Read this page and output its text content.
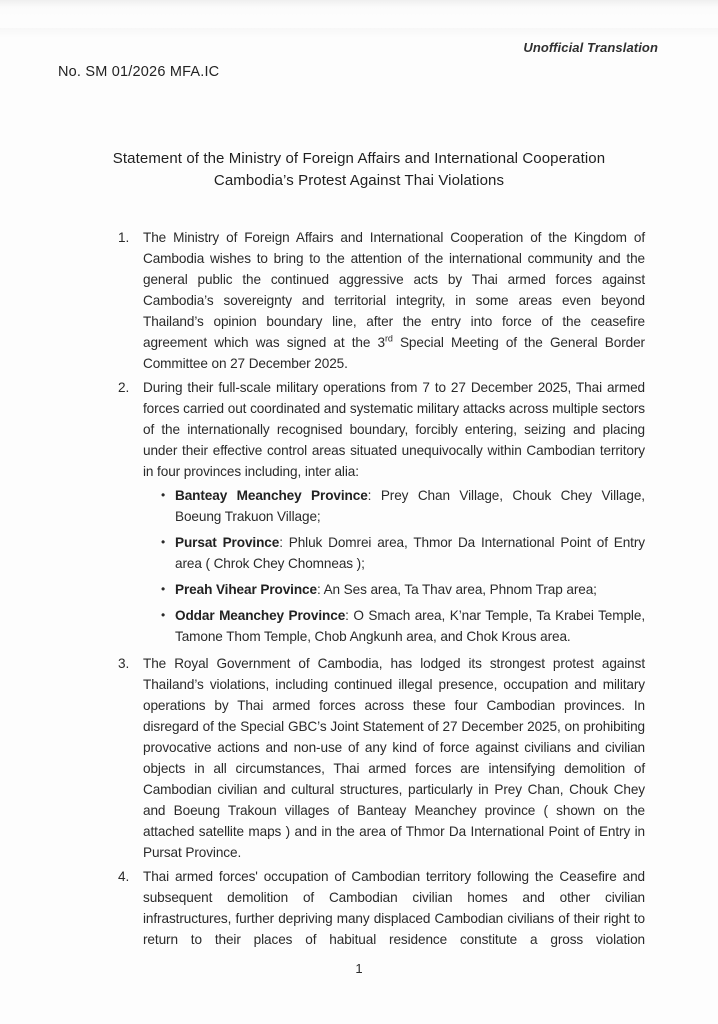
Unofficial Translation
No. SM 01/2026 MFA.IC
Statement of the Ministry of Foreign Affairs and International Cooperation
Cambodia’s Protest Against Thai Violations
1.	The Ministry of Foreign Affairs and International Cooperation of the Kingdom of Cambodia wishes to bring to the attention of the international community and the general public the continued aggressive acts by Thai armed forces against Cambodia’s sovereignty and territorial integrity, in some areas even beyond Thailand’s opinion boundary line, after the entry into force of the ceasefire agreement which was signed at the 3rd Special Meeting of the General Border Committee on 27 December 2025.
2.	During their full-scale military operations from 7 to 27 December 2025, Thai armed forces carried out coordinated and systematic military attacks across multiple sectors of the internationally recognised boundary, forcibly entering, seizing and placing under their effective control areas situated unequivocally within Cambodian territory in four provinces including, inter alia:
• Banteay Meanchey Province: Prey Chan Village, Chouk Chey Village, Boeung Trakuon Village;
• Pursat Province: Phluk Domrei area, Thmor Da International Point of Entry area ( Chrok Chey Chomneas );
• Preah Vihear Province: An Ses area, Ta Thav area, Phnom Trap area;
• Oddar Meanchey Province: O Smach area, K’nar Temple, Ta Krabei Temple, Tamone Thom Temple, Chob Angkunh area, and Chok Krous area.
3.	The Royal Government of Cambodia, has lodged its strongest protest against Thailand’s violations, including continued illegal presence, occupation and military operations by Thai armed forces across these four Cambodian provinces. In disregard of the Special GBC’s Joint Statement of 27 December 2025, on prohibiting provocative actions and non-use of any kind of force against civilians and civilian objects in all circumstances, Thai armed forces are intensifying demolition of Cambodian civilian and cultural structures, particularly in Prey Chan, Chouk Chey and Boeung Trakoun villages of Banteay Meanchey province ( shown on the attached satellite maps ) and in the area of Thmor Da International Point of Entry in Pursat Province.
4.	Thai armed forces' occupation of Cambodian territory following the Ceasefire and subsequent demolition of Cambodian civilian homes and other civilian infrastructures, further depriving many displaced Cambodian civilians of their right to return to their places of habitual residence constitute a gross violation
1
